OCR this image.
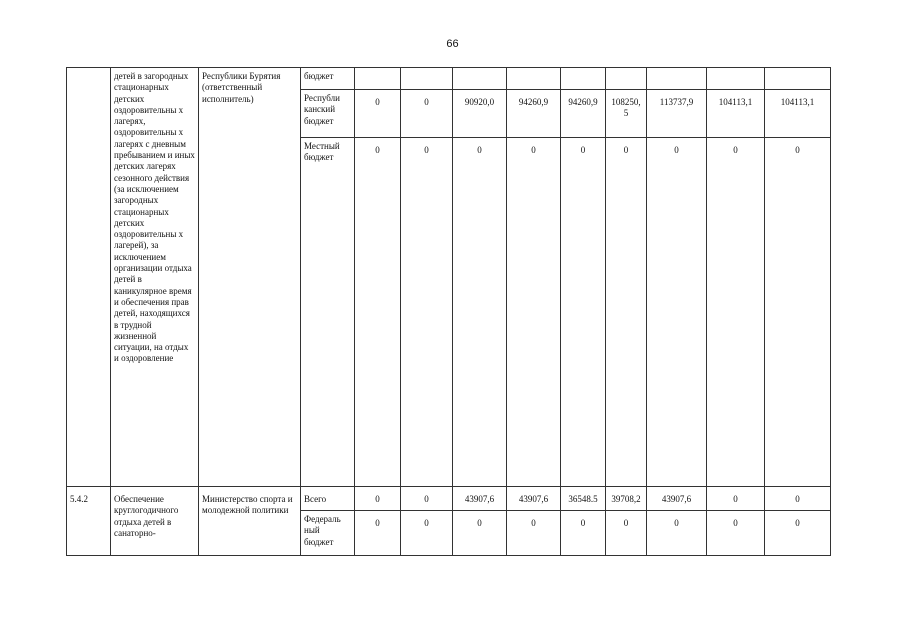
66
	детей в загородных стационарных детских оздоровительны х лагерях, оздоровительны х лагерях с дневным пребыванием и иных детских лагерях сезонного действия (за исключением загородных стационарных детских оздоровительны х лагерей), за исключением организации отдыха детей в каникулярное время и обеспечения прав детей, находящихся в трудной жизненной ситуации, на отдых и оздоровление	Республики Бурятия (ответственный исполнитель)	бюджет									
			Республи канский бюджет	0	0	90920,0	94260,9	94260,9	108250, 5	113737,9	104113,1	104113,1
			Местный бюджет	0	0	0	0	0	0	0	0	0
5.4.2	Обеспечение круглогодичного отдыха детей в санаторно-	Министерство спорта и молодежной политики	Всего	0	0	43907,6	43907,6	36548.5	39708,2	43907,6	0	0
			Федераль ный бюджет	0	0	0	0	0	0	0	0	0
